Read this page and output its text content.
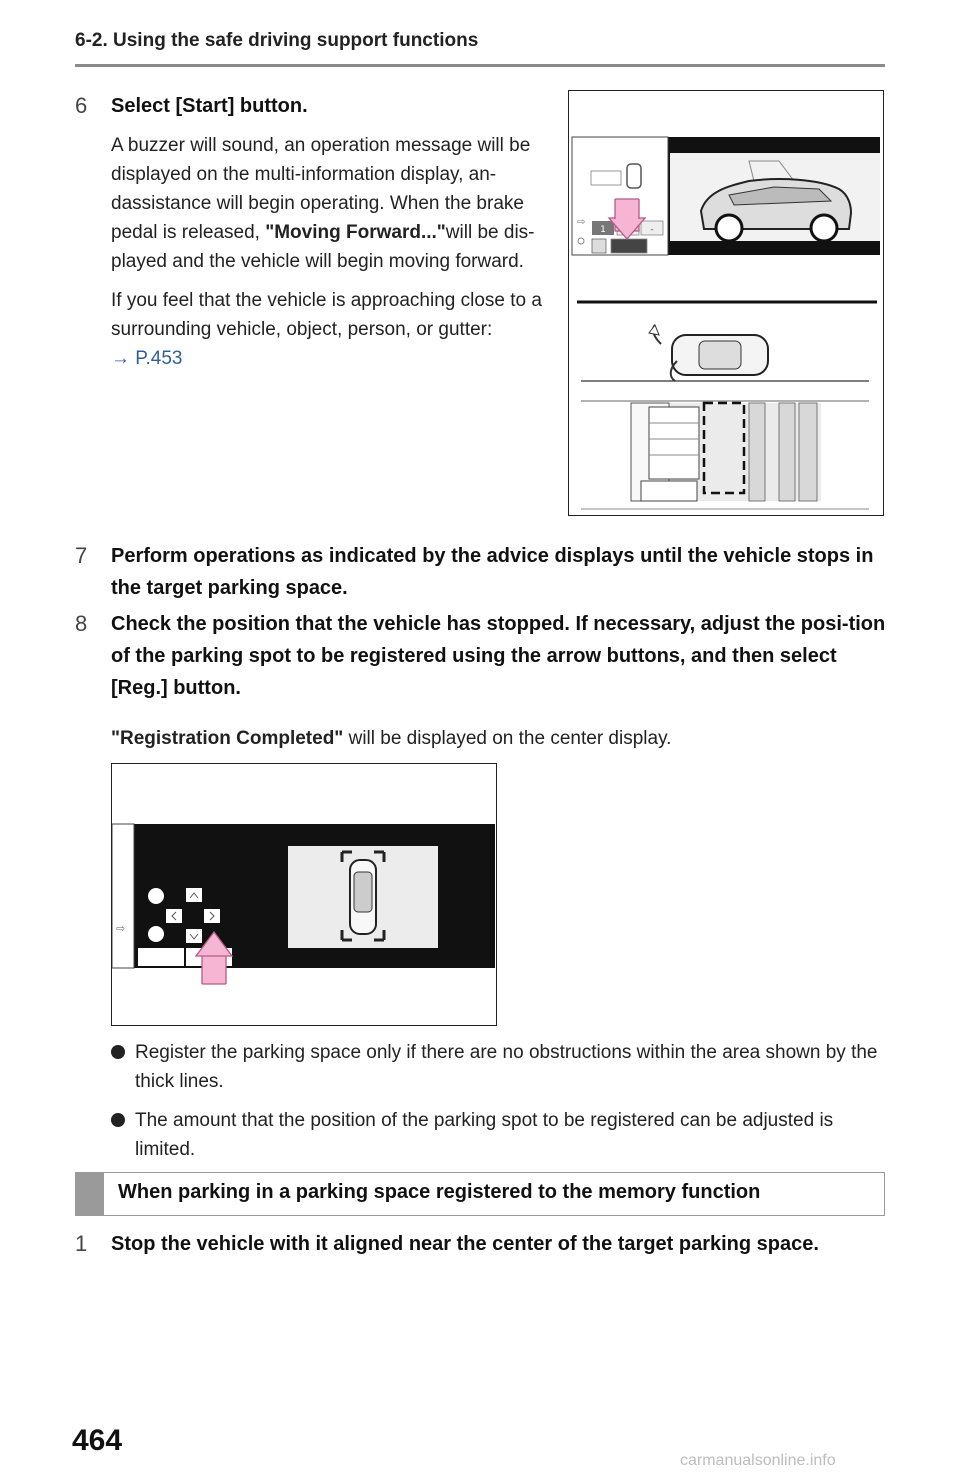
6-2. Using the safe driving support functions
6 Select [Start] button.
A buzzer will sound, an operation message will be displayed on the multi-information display, an-dassistance will begin operating. When the brake pedal is released, "Moving Forward..."will be dis-played and the vehicle will begin moving forward.
If you feel that the vehicle is approaching close to a surrounding vehicle, object, person, or gutter:
→ P.453
⇨
1	-
7 Perform operations as indicated by the advice displays until the vehicle stops in the target parking space.
8 Check the position that the vehicle has stopped. If necessary, adjust the posi-tion of the parking spot to be registered using the arrow buttons, and then select [Reg.] button.
"Registration Completed" will be displayed on the center display.
⇨
Register the parking space only if there are no obstructions within the area shown by the thick lines.
The amount that the position of the parking spot to be registered can be adjusted is limited.
When parking in a parking space registered to the memory function
1 Stop the vehicle with it aligned near the center of the target parking space.
464
carmanualsonline.info
